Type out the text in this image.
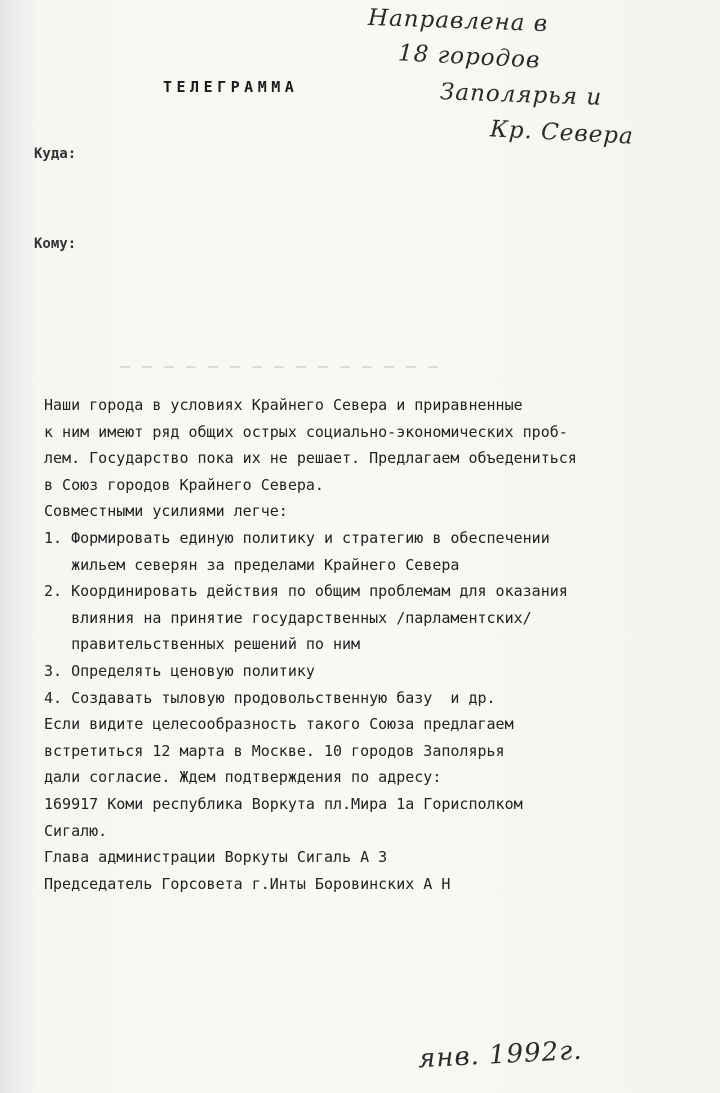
ТЕЛЕГРАММА
Направлена в
18 городов
Заполярья и
Кр. Севера
Куда:
Кому:
Наши города в условиях Крайнего Севера и приравненные
к ним имеют ряд общих острых социально-экономических проб-
лем. Государство пока их не решает. Предлагаем объедениться
в Союз городов Крайнего Севера.
Совместными усилиями легче:
1. Формировать единую политику и стратегию в обеспечении
жильем северян за пределами Крайнего Севера
2. Координировать действия по общим проблемам для оказания
влияния на принятие государственных /парламентских/
правительственных решений по ним
3. Определять ценовую политику
4. Создавать тыловую продовольственную базу  и др.
Если видите целесообразность такого Союза предлагаем
встретиться 12 марта в Москве. 10 городов Заполярья
дали согласие. Ждем подтверждения по адресу:
169917 Коми республика Воркута пл.Мира 1а Горисполком
Сигалю.
Глава администрации Воркуты Сигаль А З
Председатель Горсовета г.Инты Боровинских А Н
янв. 1992г.
